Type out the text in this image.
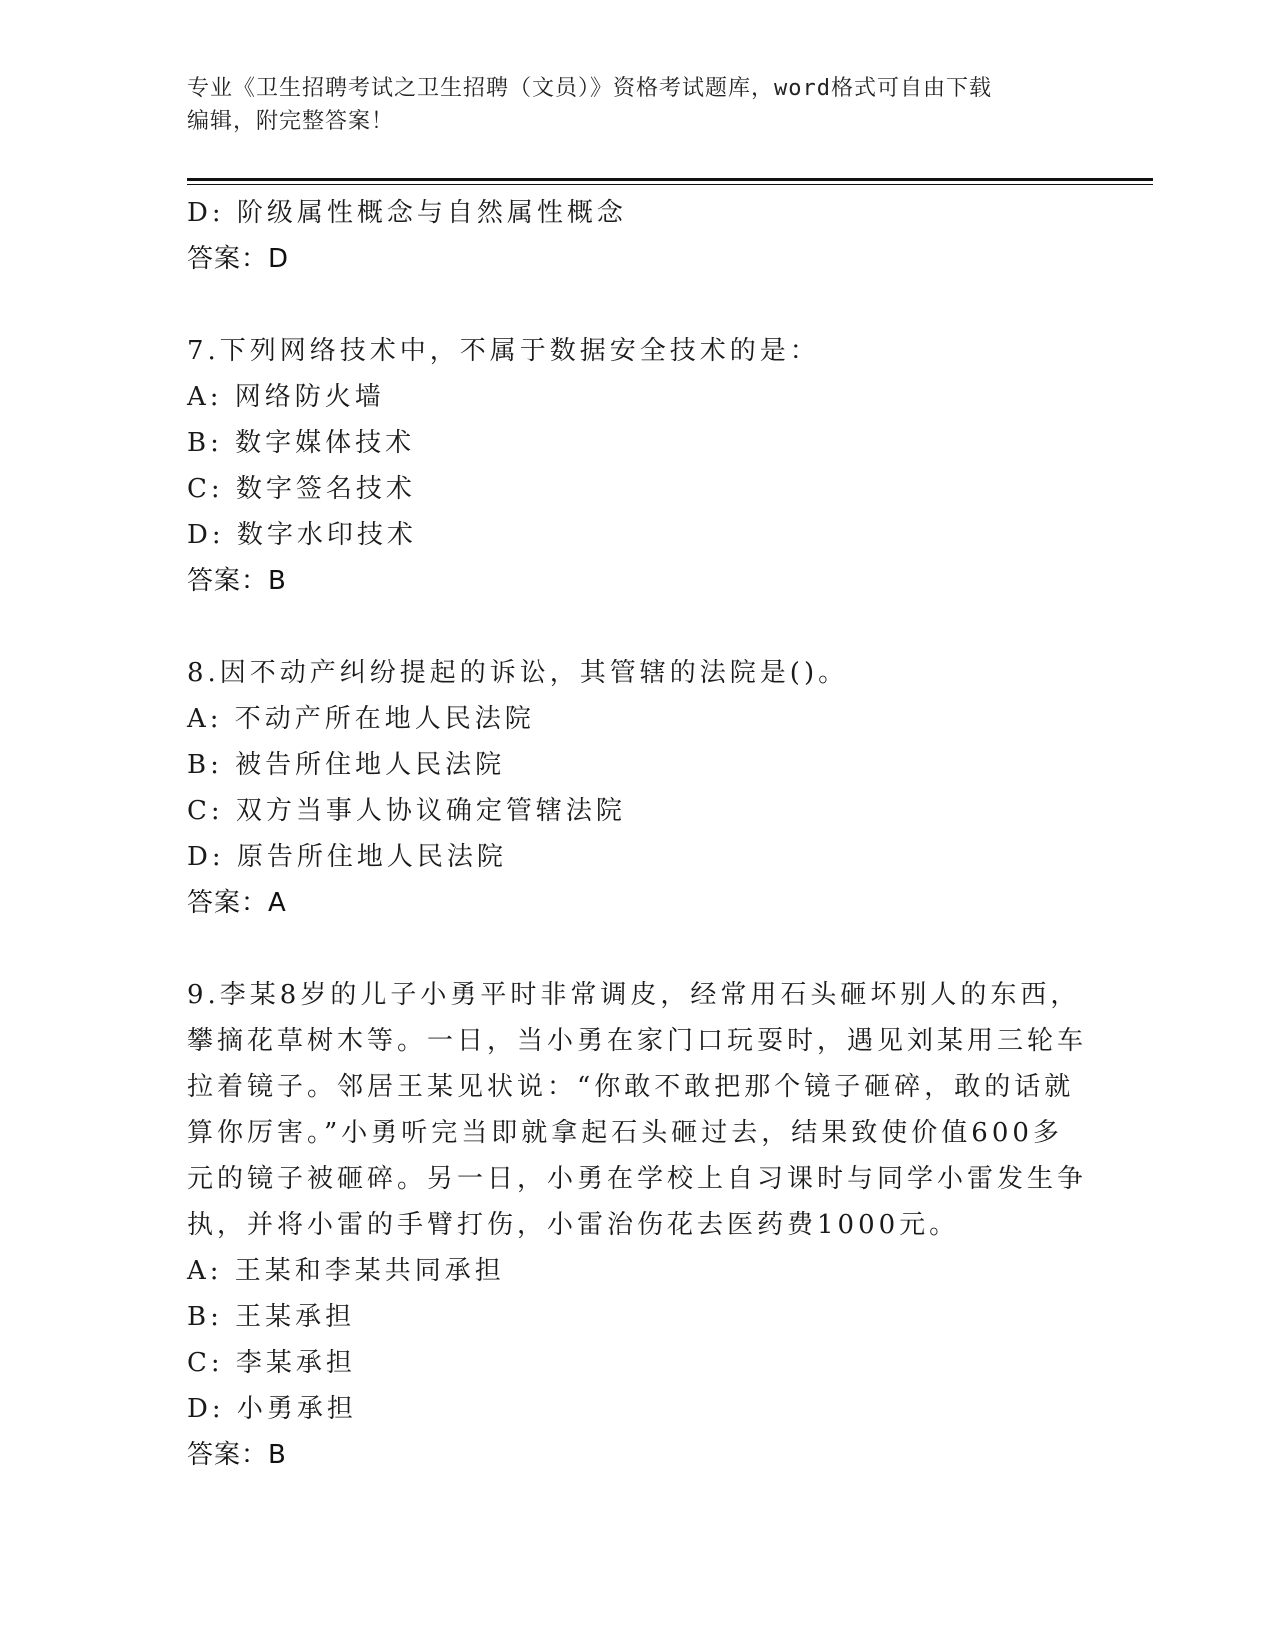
专业《卫生招聘考试之卫生招聘（文员）》资格考试题库，word格式可自由下载
编辑，附完整答案！
D: 阶级属性概念与自然属性概念
答案：D
7.下列网络技术中，不属于数据安全技术的是：
A: 网络防火墙
B: 数字媒体技术
C: 数字签名技术
D: 数字水印技术
答案：B
8.因不动产纠纷提起的诉讼，其管辖的法院是()。
A: 不动产所在地人民法院
B: 被告所住地人民法院
C: 双方当事人协议确定管辖法院
D: 原告所住地人民法院
答案：A
9.李某8岁的儿子小勇平时非常调皮，经常用石头砸坏别人的东西，
攀摘花草树木等。一日，当小勇在家门口玩耍时，遇见刘某用三轮车
拉着镜子。邻居王某见状说：“你敢不敢把那个镜子砸碎，敢的话就
算你厉害。”小勇听完当即就拿起石头砸过去，结果致使价值600多
元的镜子被砸碎。另一日，小勇在学校上自习课时与同学小雷发生争
执，并将小雷的手臂打伤，小雷治伤花去医药费1000元。
A: 王某和李某共同承担
B: 王某承担
C: 李某承担
D: 小勇承担
答案：B
